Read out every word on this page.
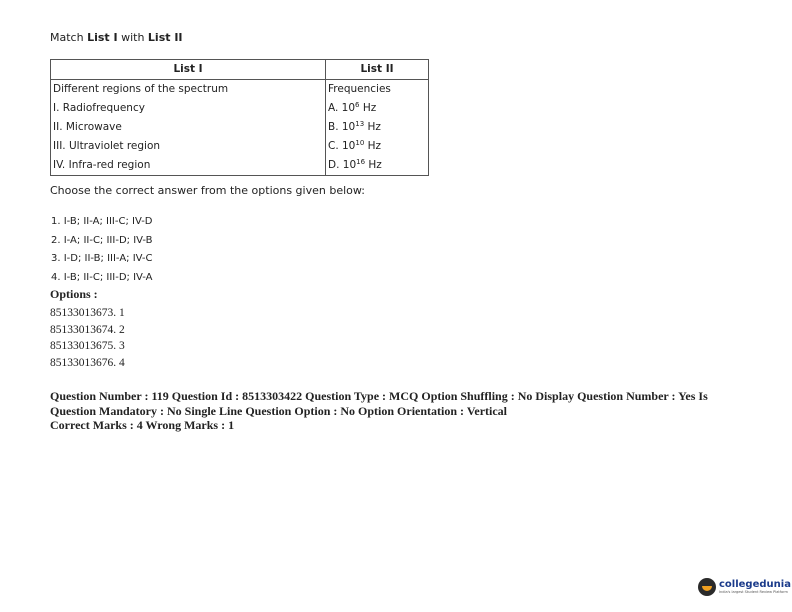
Match List I with List II
List I	List II
Different regions of the spectrum	Frequencies
I. Radiofrequency	A. $10^6$ Hz
II. Microwave	B. $10^{13}$ Hz
III. Ultraviolet region	C. $10^{10}$ Hz
IV. Infra-red region	D. $10^{16}$ Hz
Choose the correct answer from the options given below:
1. I-B; II-A; III-C; IV-D
2. I-A; II-C; III-D; IV-B
3. I-D; II-B; III-A; IV-C
4. I-B; II-C; III-D; IV-A
Options :
85133013673. 1
85133013674. 2
85133013675. 3
85133013676. 4
Question Number : 119 Question Id : 8513303422 Question Type : MCQ Option Shuffling : No Display Question Number : Yes Is
Question Mandatory : No Single Line Question Option : No Option Orientation : Vertical
Correct Marks : 4 Wrong Marks : 1
collegedunia
India's largest Student Review Platform
